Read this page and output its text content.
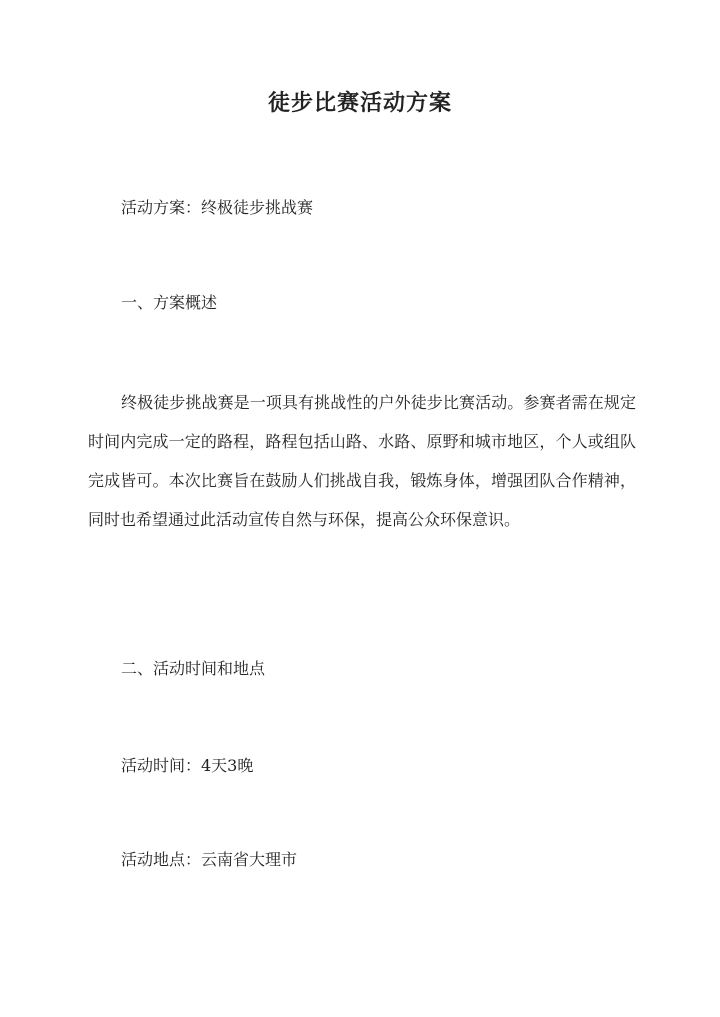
徒步比赛活动方案

活动方案：终极徒步挑战赛

一、方案概述

终极徒步挑战赛是一项具有挑战性的户外徒步比赛活动。参赛者需在规定时间内完成一定的路程，路程包括山路、水路、原野和城市地区，个人或组队完成皆可。本次比赛旨在鼓励人们挑战自我，锻炼身体，增强团队合作精神，同时也希望通过此活动宣传自然与环保，提高公众环保意识。

二、活动时间和地点

活动时间：4天3晚

活动地点：云南省大理市
